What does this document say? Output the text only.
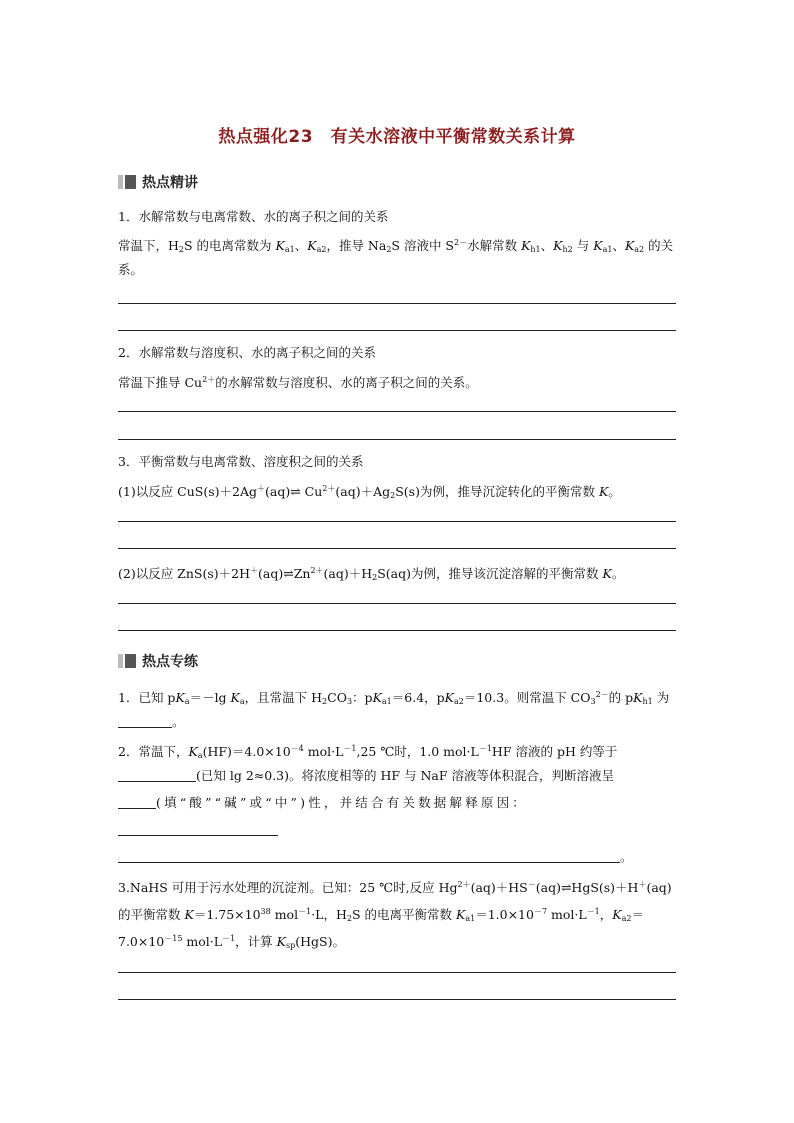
热点强化23　有关水溶液中平衡常数关系计算
热点精讲
1．水解常数与电离常数、水的离子积之间的关系
常温下，$H_2S$ 的电离常数为 $K_{a1}$、$K_{a2}$，推导 $Na_2S$ 溶液中 $S^{2-}$水解常数 $K_{h1}$、$K_{h2}$ 与 $K_{a1}$、$K_{a2}$ 的关
系。
2．水解常数与溶度积、水的离子积之间的关系
常温下推导 $Cu^{2+}$的水解常数与溶度积、水的离子积之间的关系。
3．平衡常数与电离常数、溶度积之间的关系
(1)以反应 CuS(s)＋2Ag＋(aq)⇌ $Cu^{2+}(aq)+Ag_2S(s)$为例，推导沉淀转化的平衡常数 K。
(2)以反应 $ZnS(s)+2H^+(aq)\rightleftharpoons Zn^{2+}(aq)+H_2S(aq)$为例，推导该沉淀溶解的平衡常数 K。
热点专练
1．已知 $pK_a=-\lg$ $K_a$，且常温下 $H_2CO_3$：$pK_{a1}=6.4$，$pK_{a2}=10.3$。则常温下 $CO_3^{2-}$的 $pK_{h1}$ 为
。
2．常温下，$K_a(HF)=4.0\times 10^{-4}$ $mol\cdot L^{-1},25$ ℃时，1.0 $mol\cdot L^{-1}HF$ 溶液的 pH 约等于
(已知 lg 2≈0.3)。将浓度相等的 HF 与 NaF 溶液等体积混合，判断溶液呈
(填“酸”“碱”或“中”)性，并结合有关数据解释原因：
。
3.NaHS 可用于污水处理的沉淀剂。已知：25 ℃时,反应 $Hg^{2+}(aq)+HS^-(aq)\rightleftharpoons HgS(s)+H^+(aq)$
的平衡常数 $K=1.75\times 10^{38}$ mol$^{-1}$·L，$H_2S$ 的电离平衡常数 $K_{a1}=1.0\times 10^{-7}$ $mol\cdot L^{-1}$，$K_{a2}=$
$7.0\times 10^{-15}$ $mol\cdot L^{-1}$，计算 $K_{sp}(HgS)$。
